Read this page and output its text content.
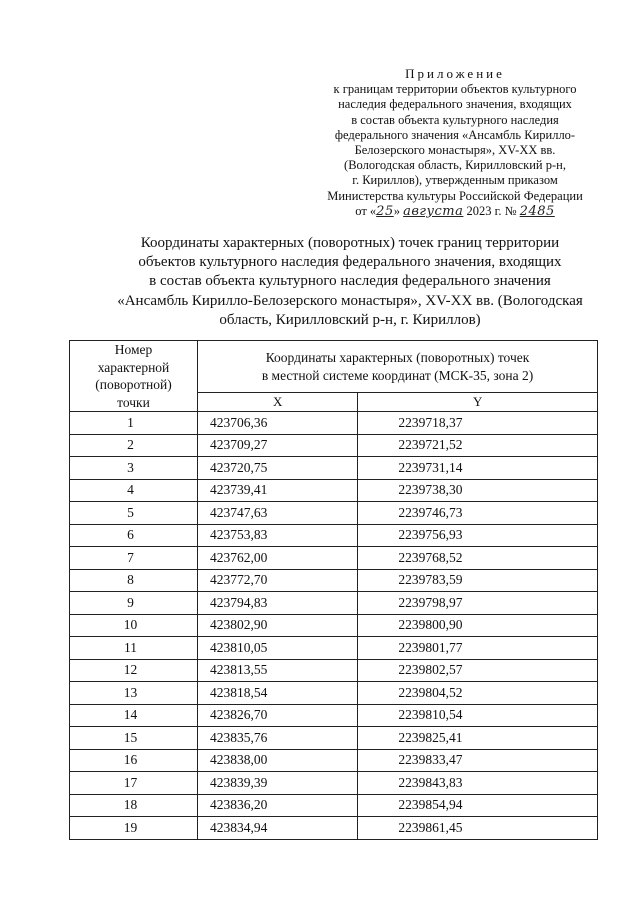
Приложение
к границам территории объектов культурного
наследия федерального значения, входящих
в состав объекта культурного наследия
федерального значения «Ансамбль Кирилло-
Белозерского монастыря», XV-XX вв.
(Вологодская область, Кирилловский р-н,
г. Кириллов), утвержденным приказом
Министерства культуры Российской Федерации
от «25» августа 2023 г. № 2485
Координаты характерных (поворотных) точек границ территории
объектов культурного наследия федерального значения, входящих
в состав объекта культурного наследия федерального значения
«Ансамбль Кирилло-Белозерского монастыря», XV-XX вв. (Вологодская
область, Кирилловский р-н, г. Кириллов)
Номер
характерной
(поворотной)
точки	Координаты характерных (поворотных) точек
в местной системе координат (МСК-35, зона 2)	

	X	Y
1	423706,36	2239718,37
2	423709,27	2239721,52
3	423720,75	2239731,14
4	423739,41	2239738,30
5	423747,63	2239746,73
6	423753,83	2239756,93
7	423762,00	2239768,52
8	423772,70	2239783,59
9	423794,83	2239798,97
10	423802,90	2239800,90
11	423810,05	2239801,77
12	423813,55	2239802,57
13	423818,54	2239804,52
14	423826,70	2239810,54
15	423835,76	2239825,41
16	423838,00	2239833,47
17	423839,39	2239843,83
18	423836,20	2239854,94
19	423834,94	2239861,45
